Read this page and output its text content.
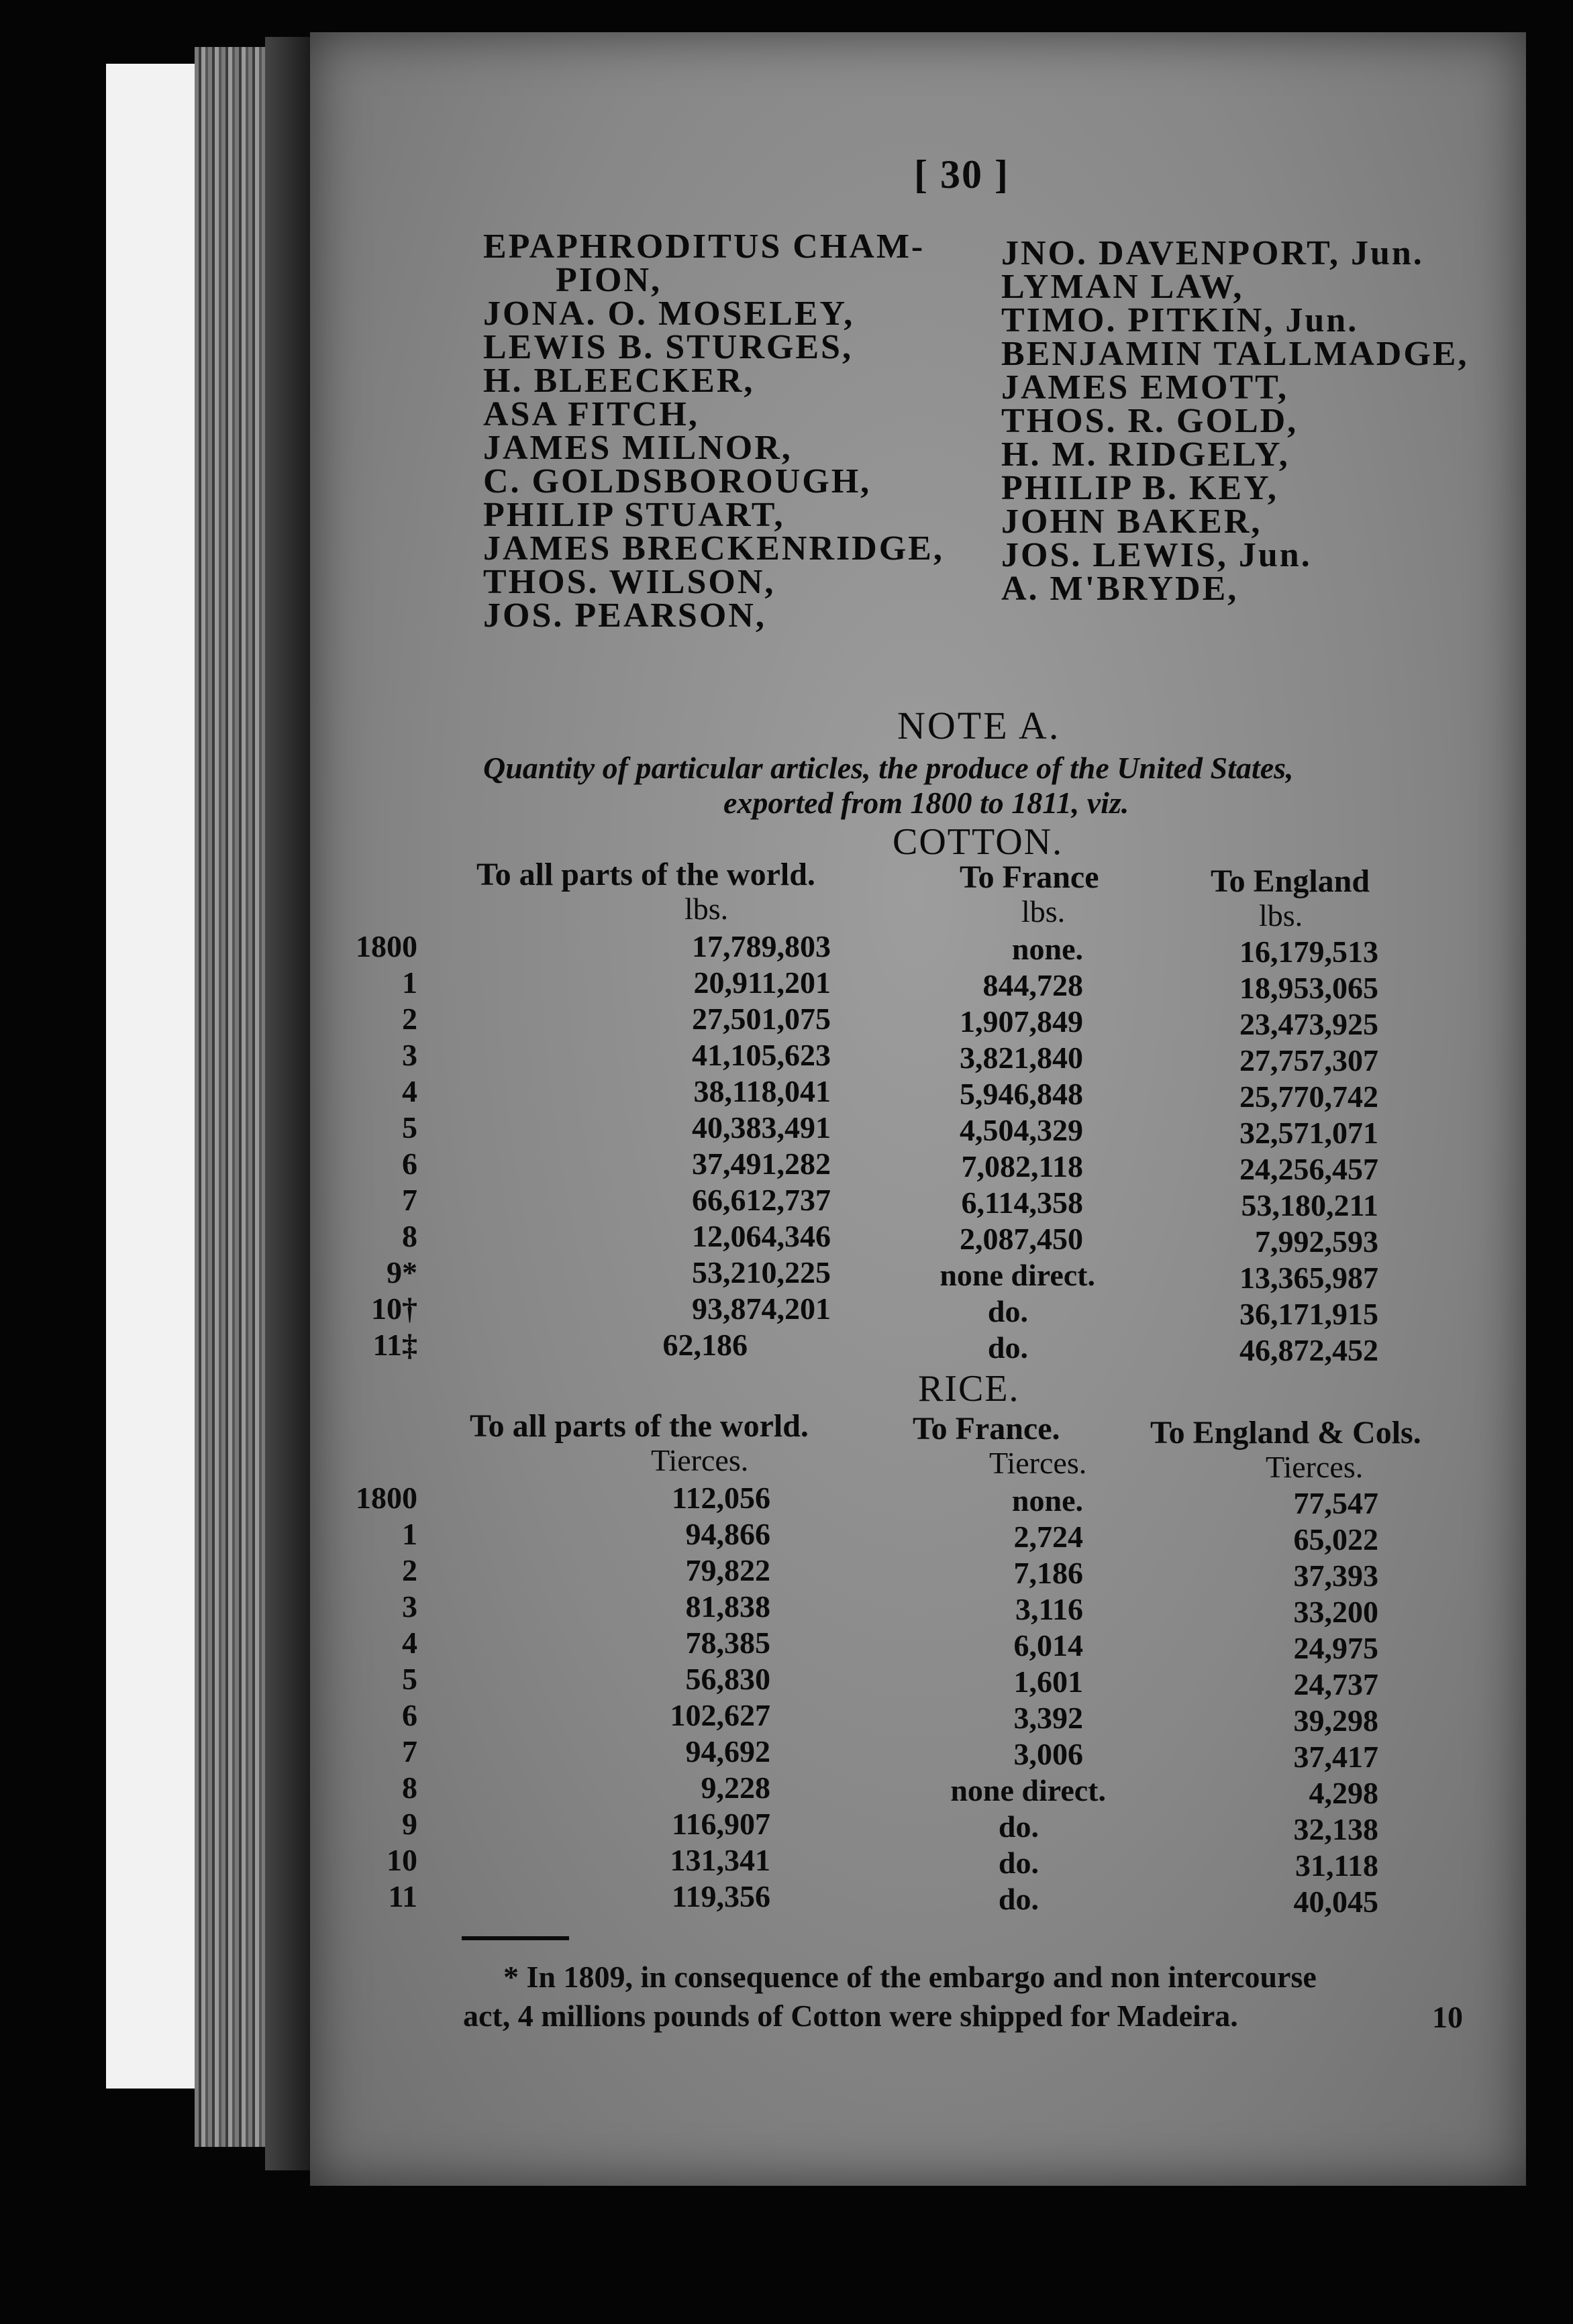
[ 30 ]
EPAPHRODITUS CHAM-
PION,
JONA. O. MOSELEY,
LEWIS B. STURGES,
H. BLEECKER,
ASA FITCH,
JAMES MILNOR,
C. GOLDSBOROUGH,
PHILIP STUART,
JAMES BRECKENRIDGE,
THOS. WILSON,
JOS. PEARSON,
JNO. DAVENPORT, Jun.
LYMAN LAW,
TIMO. PITKIN, Jun.
BENJAMIN TALLMADGE,
JAMES EMOTT,
THOS. R. GOLD,
H. M. RIDGELY,
PHILIP B. KEY,
JOHN BAKER,
JOS. LEWIS, Jun.
A. M'BRYDE,
NOTE A.
Quantity of particular articles, the produce of the United States,
exported from 1800 to 1811, viz.
COTTON.
To all parts of the world.	To France	To England
lbs.	lbs.	lbs.
1800	17,789,803	none.	16,179,513
1	20,911,201	844,728	18,953,065
2	27,501,075	1,907,849	23,473,925
3	41,105,623	3,821,840	27,757,307
4	38,118,041	5,946,848	25,770,742
5	40,383,491	4,504,329	32,571,071
6	37,491,282	7,082,118	24,256,457
7	66,612,737	6,114,358	53,180,211
8	12,064,346	2,087,450	7,992,593
9*	53,210,225	none direct.	13,365,987
10†	93,874,201	do.	36,171,915
11‡	62,186	do.	46,872,452
RICE.
To all parts of the world.	To France.	To England & Cols.
Tierces.	Tierces.	Tierces.
1800	112,056	none.	77,547
1	94,866	2,724	65,022
2	79,822	7,186	37,393
3	81,838	3,116	33,200
4	78,385	6,014	24,975
5	56,830	1,601	24,737
6	102,627	3,392	39,298
7	94,692	3,006	37,417
8	9,228	none direct.	4,298
9	116,907	do.	32,138
10	131,341	do.	31,118
11	119,356	do.	40,045
* In 1809, in consequence of the embargo and non intercourse
act, 4 millions pounds of Cotton were shipped for Madeira.	10
